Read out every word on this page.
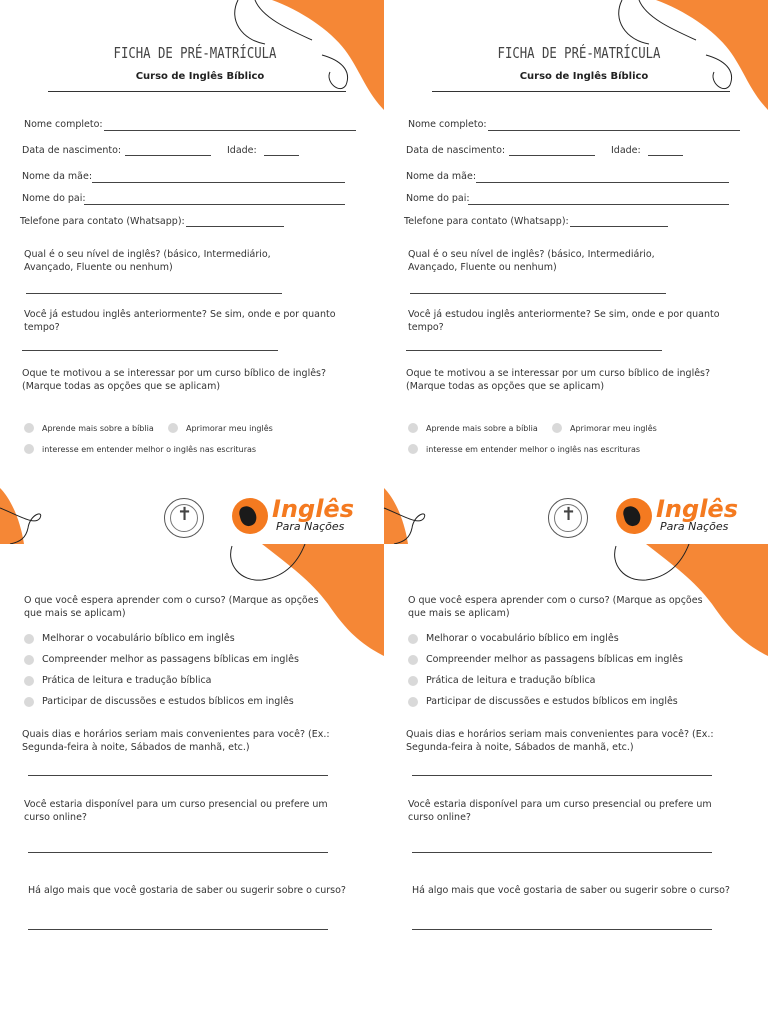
FICHA DE PRÉ-MATRÍCULA
Curso de Inglês Bíblico
Nome completo:
Data de nascimento:	Idade:
Nome da mãe:
Nome do pai:
Telefone para contato (Whatsapp):
Qual é o seu nível de inglês? (básico, Intermediário, Avançado, Fluente ou nenhum)
Você já estudou inglês anteriormente? Se sim, onde e por quanto tempo?
Oque te motivou a se interessar por um curso bíblico de inglês? (Marque todas as opções que se aplicam)
Aprende mais sobre a bíblia	Aprimorar meu inglês
interesse em entender melhor o inglês nas escrituras
FICHA DE PRÉ-MATRÍCULA
Curso de Inglês Bíblico
Nome completo:
Data de nascimento:	Idade:
Nome da mãe:
Nome do pai:
Telefone para contato (Whatsapp):
Qual é o seu nível de inglês? (básico, Intermediário, Avançado, Fluente ou nenhum)
Você já estudou inglês anteriormente? Se sim, onde e por quanto tempo?
Oque te motivou a se interessar por um curso bíblico de inglês? (Marque todas as opções que se aplicam)
Aprende mais sobre a bíblia	Aprimorar meu inglês
interesse em entender melhor o inglês nas escrituras
✝	Inglês
Para Nações
✝	Inglês
Para Nações
O que você espera aprender com o curso? (Marque as opções que mais se aplicam)
Melhorar o vocabulário bíblico em inglês
Compreender melhor as passagens bíblicas em inglês
Prática de leitura e tradução bíblica
Participar de discussões e estudos bíblicos em inglês
Quais dias e horários seriam mais convenientes para você? (Ex.: Segunda-feira à noite, Sábados de manhã, etc.)
Você estaria disponível para um curso presencial ou prefere um curso online?
Há algo mais que você gostaria de saber ou sugerir sobre o curso?
O que você espera aprender com o curso? (Marque as opções que mais se aplicam)
Melhorar o vocabulário bíblico em inglês
Compreender melhor as passagens bíblicas em inglês
Prática de leitura e tradução bíblica
Participar de discussões e estudos bíblicos em inglês
Quais dias e horários seriam mais convenientes para você? (Ex.: Segunda-feira à noite, Sábados de manhã, etc.)
Você estaria disponível para um curso presencial ou prefere um curso online?
Há algo mais que você gostaria de saber ou sugerir sobre o curso?
